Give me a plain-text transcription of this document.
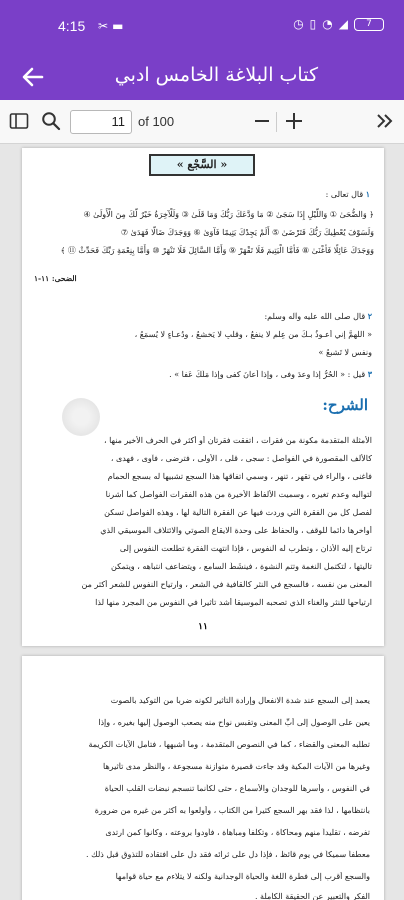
4:15 ✂▬	◷ ▯ ◔ ◢	7
كتاب البلاغة الخامس ادبي
11	of 100
« السَّجْع »
١ قال تعالى :
﴿ وَالضُّحَىٰ ① وَاللَّيْلِ إِذَا سَجَىٰ ② مَا وَدَّعَكَ رَبُّكَ وَمَا قَلَىٰ ③ وَلَلْآخِرَةُ خَيْرٌ لَّكَ مِنَ الْأُولَىٰ ④
وَلَسَوْفَ يُعْطِيكَ رَبُّكَ فَتَرْضَىٰ ⑤ أَلَمْ يَجِدْكَ يَتِيمًا فَآوَىٰ ⑥ وَوَجَدَكَ ضَالًّا فَهَدَىٰ ⑦
وَوَجَدَكَ عَائِلًا فَأَغْنَىٰ ⑧ فَأَمَّا الْيَتِيمَ فَلَا تَقْهَرْ ⑨ وَأَمَّا السَّائِلَ فَلَا تَنْهَرْ ⑩ وَأَمَّا بِنِعْمَةِ رَبِّكَ فَحَدِّثْ ⑪ ﴾
الضحى: ١١-١
٢ قال صلى الله عليه وآله وسلم:
« اللهمَّ إني أعـوذُ بـكَ من عِلمٍ لا ينفعُ ، وقلبٍ لا يَخشعُ ، ودُعـاءٍ لا يُسمَعُ ،
ونفسٍ لا تَشبعُ »
٣ قيل : « الحُرُّ إذا وعدَ وفى ، وإذا أعانَ كفى وإذا مَلَكَ عَفا » .
الشرح:
الأمثلة المتقدمة مكونة من فقرات ، اتفقت فقرتان أو أكثر في الحرف الأخير منها ،
كالألف المقصورة في الفواصل : سجى ، قلى ، الأولى ، فترضى ، فآوى ، فهدى ،
فأغنى ، والراء في تقهر ، تنهر ، وسمي اتفاقها هذا السجع تشبيها له بسجع الحمام
لتواليه وعدم تغيره ، وسميت الألفاظ الأخيرة من هذه الفقرات الفواصل كما أشرنا
لفصل كل من الفقرة التي وردت فيها عن الفقرة التالية لها ، وهذه الفواصل تسكن
أواخرها دائما للوقف ، والحفاظ على وحدة الايقاع الصوتي والائتلاف الموسيقي الذي
ترتاح إليه الأذان ، وتطرب له النفوس ، فإذا انتهت الفقرة تطلعت النفوس إلى
تاليتها ، لتكتمل النغمة وتتم النشوة ، فينشَطُ السامع ، ويتضاعف انتباهه ، ويتمكن
المعنى من نفسه ، فالسجع في النثر كالقافية في الشعر ، وارتياح النفوس للشعر أكثر من
ارتياحها للنثر والغناء الذي تصحبه الموسيقا أشد تأثيرا في النفوس من المجرد منها لذا
١١
يعمد إلى السجع عند شدة الانفعال وإرادة التأثير لكونه ضربا من التوكيد بالصوت
يعين على الوصول إلى أُبِّ المعنى وتقبس نواح منه يصعب الوصول إليها بغيره ، وإذا
تطلبه المعنى والقضاء ، كما في النصوص المتقدمة ، وما أشبهها ، فتأمل الآيات الكريمة
وغيرها من الآيات المكية وقد جاءت قصيرة متوازنة مسجوعة ، والنظر مدى تأثيرها
في النفوس ، وأسرها للوجدان والأسماع ، حتى لكأنما تنسجم نبضات القلب الحياة
بانتظامها ، لذا فقد بهر السجع كثيراً من الكتاب ، وأولعوا به أكثر من غيره من ضرورة
تفرضه ، تقليداً منهم ومحاكاة ، وتكلفاً ومباهاة ، فأودوا بروعته ، وكانوا كمن ارتدى
معطفاً سميكاً في يوم قائظ ، فإذا دل على ثرائه فقد دل على افتقاده للتذوق قبل ذلك .
والسجع أقرب إلى فطرة اللغة والحياة الوجدانية ولكنه لا يتلاءم مع حياة قوامها
الفكر والتعبير عن الحقيقة الكاملة .
